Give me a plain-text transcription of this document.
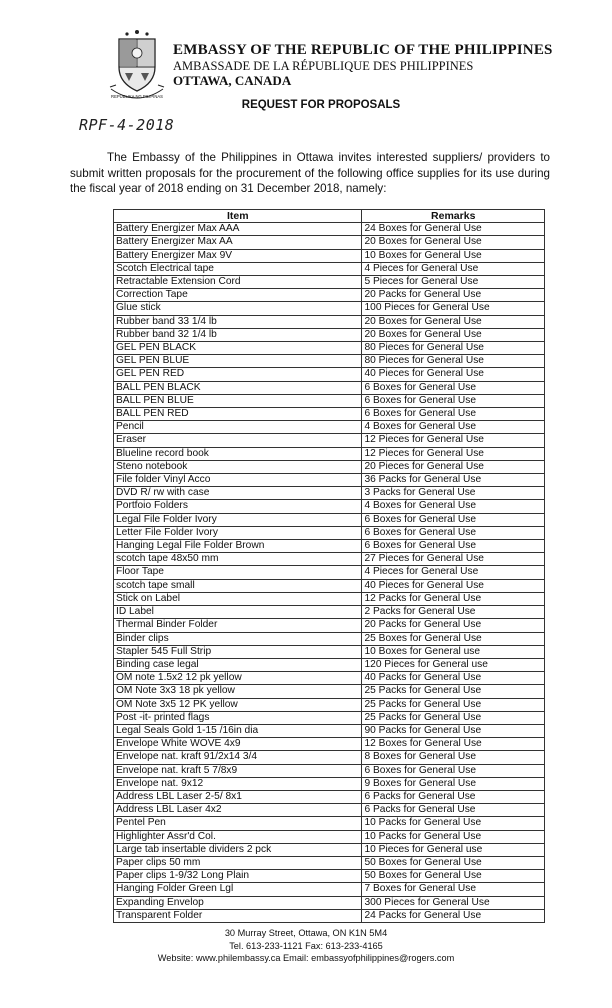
REPUBLIKA NG PILIPINAS
EMBASSY OF THE REPUBLIC OF THE PHILIPPINES
AMBASSADE DE LA RÉPUBLIQUE DES PHILIPPINES
OTTAWA, CANADA
REQUEST FOR PROPOSALS
RPF-4-2018
The Embassy of the Philippines in Ottawa invites interested suppliers/ providers to submit written proposals for the procurement of the following office supplies for its use during the fiscal year of 2018 ending on 31 December 2018, namely:
Item	Remarks
Battery Energizer Max AAA	24 Boxes for General Use
Battery Energizer Max AA	20 Boxes for General Use
Battery Energizer Max 9V	10 Boxes for General Use
Scotch Electrical tape	4 Pieces for General Use
Retractable Extension Cord	5 Pieces for General Use
Correction Tape	20 Packs for General Use
Glue stick	100 Pieces for General Use
Rubber band 33 1/4 lb	20 Boxes for General Use
Rubber band 32 1/4 lb	20 Boxes for General Use
GEL PEN BLACK	80 Pieces for General Use
GEL PEN BLUE	80 Pieces for General Use
GEL PEN RED	40 Pieces for General Use
BALL PEN BLACK	6 Boxes for General Use
BALL PEN BLUE	6 Boxes for General Use
BALL PEN RED	6 Boxes for General Use
Pencil	4 Boxes for General Use
Eraser	12 Pieces for General Use
Blueline record book	12 Pieces for General Use
Steno notebook	20 Pieces for General Use
File folder Vinyl Acco	36 Packs for General Use
DVD R/ rw with case	3 Packs for General Use
Portfoio Folders	4 Boxes for General Use
Legal File Folder Ivory	6 Boxes for General Use
Letter File Folder Ivory	6 Boxes for General Use
Hanging Legal File Folder Brown	6 Boxes for General Use
scotch tape 48x50 mm	27 Pieces for General Use
Floor Tape	4 Pieces for General Use
scotch tape small	40 Pieces for General Use
Stick on Label	12 Packs for General Use
ID Label	2 Packs for General Use
Thermal Binder Folder	20 Packs for General Use
Binder clips	25 Boxes for General Use
Stapler 545 Full Strip	10 Boxes for General use
Binding case legal	120 Pieces for General use
OM note 1.5x2 12 pk yellow	40 Packs for General Use
OM Note 3x3 18 pk yellow	25 Packs for General Use
OM Note 3x5 12 PK yellow	25 Packs for General Use
Post -it- printed flags	25 Packs for General Use
Legal Seals Gold 1-15 /16in dia	90 Packs for General Use
Envelope White WOVE 4x9	12 Boxes for General Use
Envelope nat. kraft 91/2x14 3/4	8 Boxes for General Use
Envelope nat. kraft 5 7/8x9	6 Boxes for General Use
Envelope nat. 9x12	9 Boxes for General Use
Address LBL Laser 2-5/ 8x1	6 Packs for General Use
Address LBL Laser 4x2	6 Packs for General Use
Pentel Pen	10 Packs for General Use
Highlighter Assr'd Col.	10 Packs for General Use
Large tab insertable dividers 2 pck	10 Pieces for General use
Paper clips 50 mm	50 Boxes for General Use
Paper clips 1-9/32 Long Plain	50 Boxes for General Use
Hanging Folder Green Lgl	7 Boxes for General Use
Expanding Envelop	300 Pieces for General Use
Transparent Folder	24 Packs for General Use
30 Murray Street, Ottawa, ON K1N 5M4
Tel. 613-233-1121 Fax: 613-233-4165
Website: www.philembassy.ca Email: embassyofphilippines@rogers.com
